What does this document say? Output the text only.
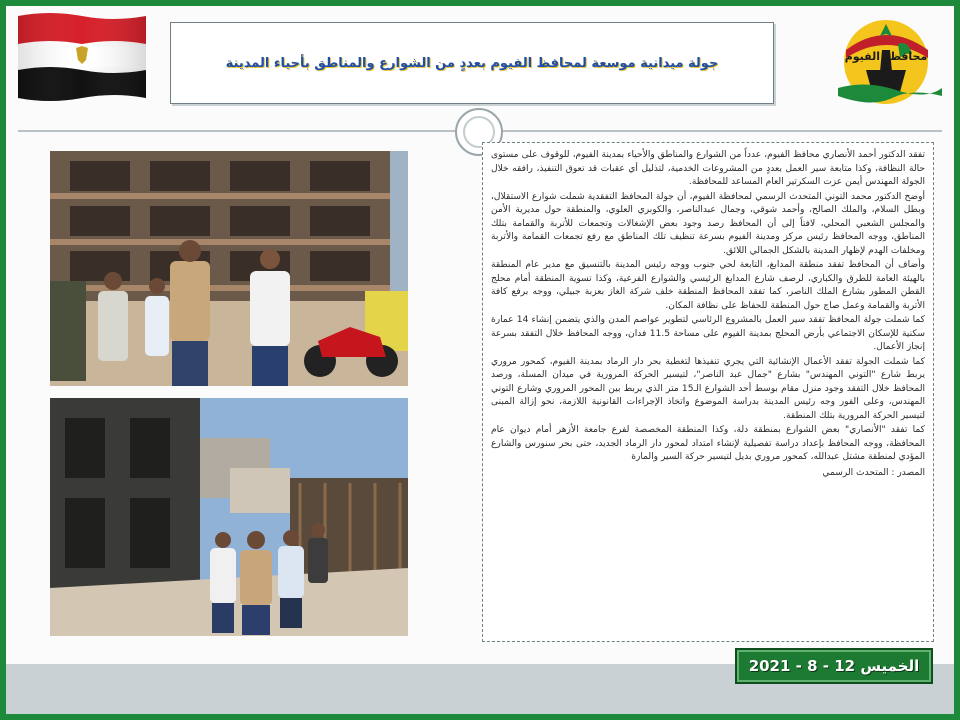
جولة ميدانية موسعة لمحافظ الفيوم بعددٍ من الشوارع والمناطق بأحياء المدينة	محافظة الفيوم

تفقد الدكتور أحمد الأنصاري محافظ الفيوم، عدداً من الشوارع والمناطق والأحياء بمدينة الفيوم، للوقوف على مستوى حالة النظافة، وكذا متابعة سير العمل بعددٍ من المشروعات الخدمية، لتذليل أي عقبات قد تعوق التنفيذ، رافقه خلال الجولة المهندس أيمن عزت السكرتير العام المساعد للمحافظة.

أوضح الدكتور محمد التوني المتحدث الرسمي لمحافظة الفيوم، أن جولة المحافظ التفقدية شملت شوارع الاستقلال، وبطل السلام، والملك الصالح، وأحمد شوقي، وجمال عبدالناصر، والكوبري العلوي، والمنطقة حول مديرية الأمن والمجلس الشعبي المحلي، لافتاً إلى أن المحافظ رصد وجود بعض الإشغالات وتجمعات للأتربة والقمامة بتلك المناطق، ووجه المحافظ رئيس مركز ومدينة الفيوم بسرعة تنظيف تلك المناطق مع رفع تجمعات القمامة والأتربة ومخلفات الهدم لإظهار المدينة بالشكل الجمالي اللائق.

وأضاف أن المحافظ تفقد منطقة المدابغ، التابعة لحي جنوب ووجه رئيس المدينة بالتنسيق مع مدير عام المنطقة بالهيئة العامة للطرق والكباري، لرصف شارع المدابغ الرئيسي والشوارع الفرعية، وكذا تسوية المنطقة أمام محلج القطن المطور بشارع الملك الناصر، كما تفقد المحافظ المنطقة خلف شركة الغاز بعزبة جبيلي، ووجه برفع كافة الأتربة والقمامة وعمل صاج حول المنطقة للحفاظ على نظافة المكان.

كما شملت جولة المحافظ تفقد سير العمل بالمشروع الرئاسي لتطوير عواصم المدن والذي يتضمن إنشاء 14 عمارة سكنية للإسكان الاجتماعي بأرض المحلج بمدينة الفيوم على مساحة 11.5 فدان، ووجه المحافظ خلال التفقد بسرعة إنجاز الأعمال.

كما شملت الجولة تفقد الأعمال الإنشائية التي يجري تنفيذها لتغطية بحر دار الرماد بمدينة الفيوم، كمحور مروري يربط شارع "التوني المهندس" بشارع "جمال عبد الناصر"، لتيسير الحركة المرورية في ميدان المسلة، ورصد المحافظ خلال التفقد وجود منزل مقام بوسط أحد الشوارع الـ15 متر الذي يربط بين المحور المروري وشارع التوني المهندس، وعلى الفور وجه رئيس المدينة بدراسة الموضوع واتخاذ الإجراءات القانونية اللازمة، نحو إزالة المبنى لتيسير الحركة المرورية بتلك المنطقة.

كما تفقد "الأنصاري" بعض الشوارع بمنطقة دلة، وكذا المنطقة المخصصة لفرع جامعة الأزهر أمام ديوان عام المحافظة، ووجه المحافظ بإعداد دراسة تفصيلية لإنشاء امتداد لمحور دار الرماد الجديد، حتى بحر سنورس والشارع المؤدي لمنطقة مشتل عبدالله، كمحور مروري بديل لتيسير حركة السير والمارة

المصدر : المتحدث الرسمي

الخميس 12 - 8 - 2021
